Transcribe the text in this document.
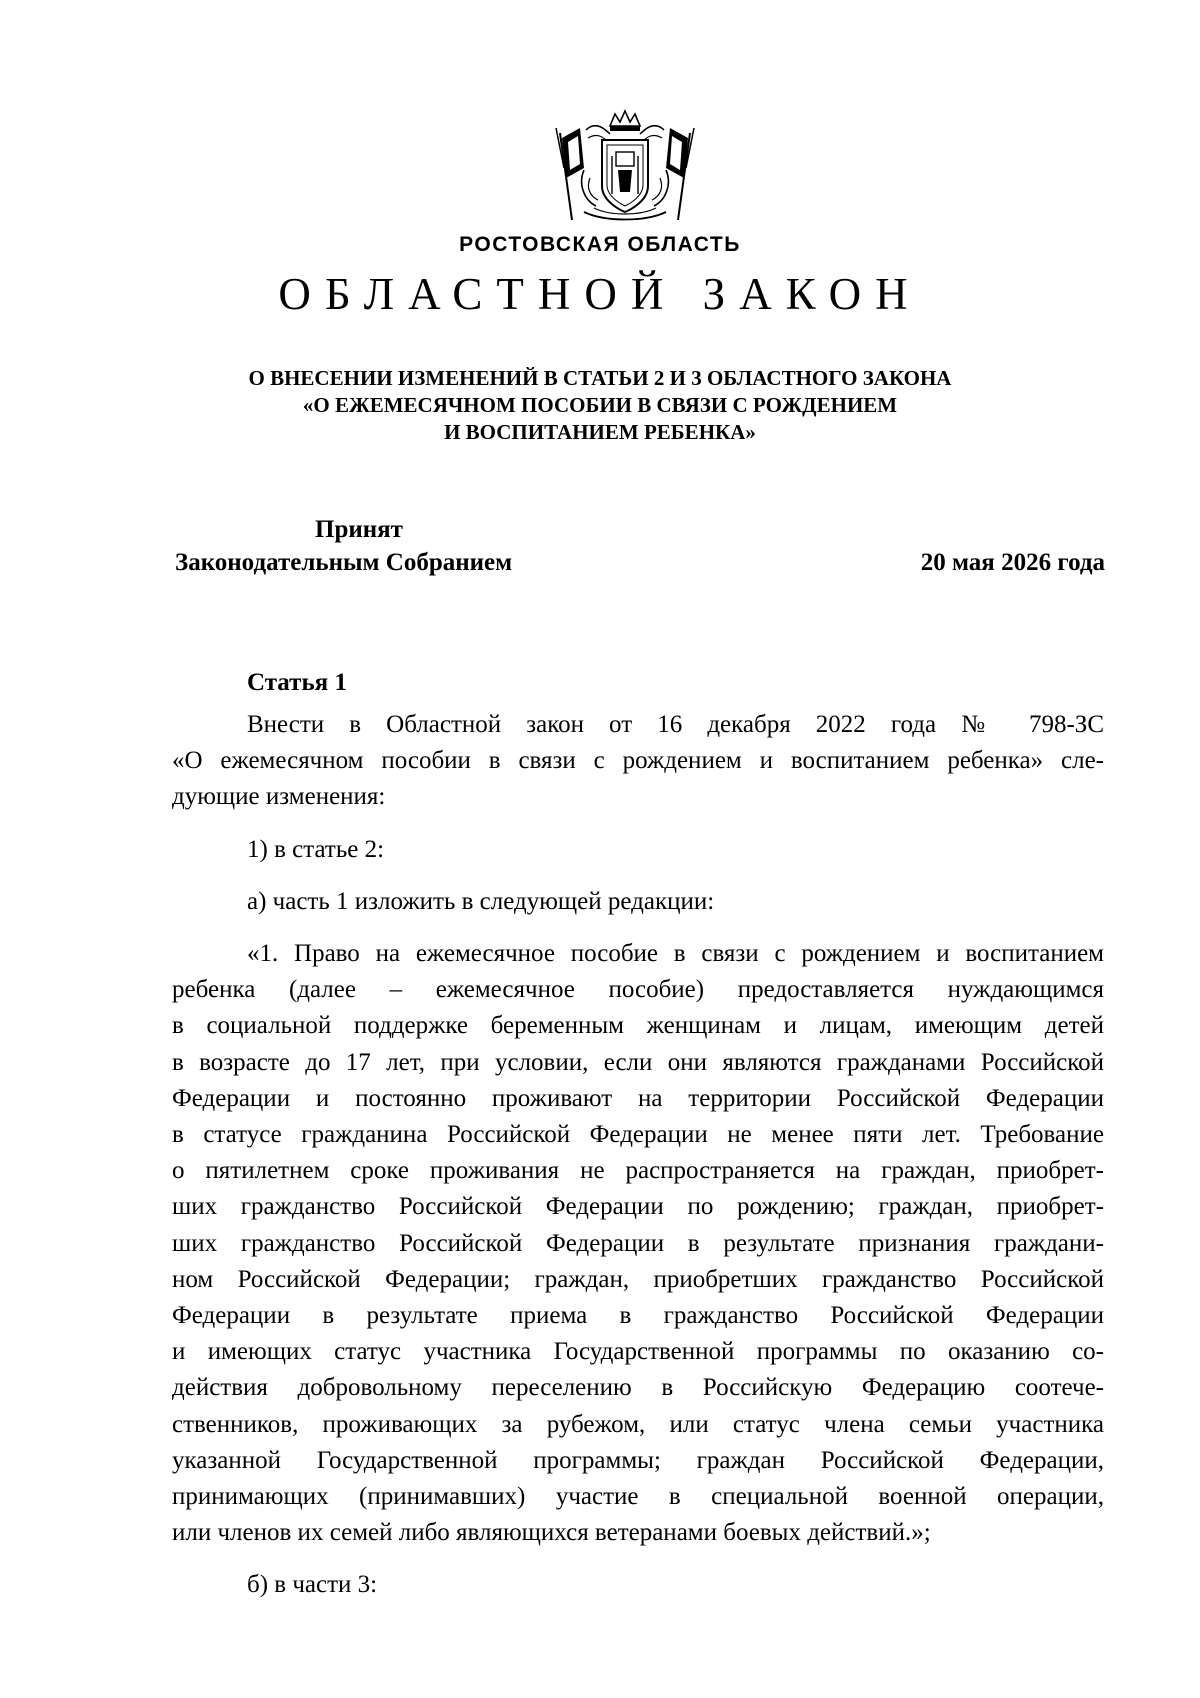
РОСТОВСКАЯ ОБЛАСТЬ
ОБЛАСТНОЙ ЗАКОН
О ВНЕСЕНИИ ИЗМЕНЕНИЙ В СТАТЬИ 2 И 3 ОБЛАСТНОГО ЗАКОНА
«О ЕЖЕМЕСЯЧНОМ ПОСОБИИ В СВЯЗИ С РОЖДЕНИЕМ
И ВОСПИТАНИЕМ РЕБЕНКА»
Принят
Законодательным Собранием	20 мая 2026 года
Статья 1
Внести в Областной закон от 16 декабря 2022 года № 798-ЗС
«О ежемесячном пособии в связи с рождением и воспитанием ребенка» сле-
дующие изменения:
1) в статье 2:
а) часть 1 изложить в следующей редакции:
«1. Право на ежемесячное пособие в связи с рождением и воспитанием
ребенка (далее – ежемесячное пособие) предоставляется нуждающимся
в социальной поддержке беременным женщинам и лицам, имеющим детей
в возрасте до 17 лет, при условии, если они являются гражданами Российской
Федерации и постоянно проживают на территории Российской Федерации
в статусе гражданина Российской Федерации не менее пяти лет. Требование
о пятилетнем сроке проживания не распространяется на граждан, приобрет-
ших гражданство Российской Федерации по рождению; граждан, приобрет-
ших гражданство Российской Федерации в результате признания граждани-
ном Российской Федерации; граждан, приобретших гражданство Российской
Федерации в результате приема в гражданство Российской Федерации
и имеющих статус участника Государственной программы по оказанию со-
действия добровольному переселению в Российскую Федерацию соотече-
ственников, проживающих за рубежом, или статус члена семьи участника
указанной Государственной программы; граждан Российской Федерации,
принимающих (принимавших) участие в специальной военной операции,
или членов их семей либо являющихся ветеранами боевых действий.»;
б) в части 3:
